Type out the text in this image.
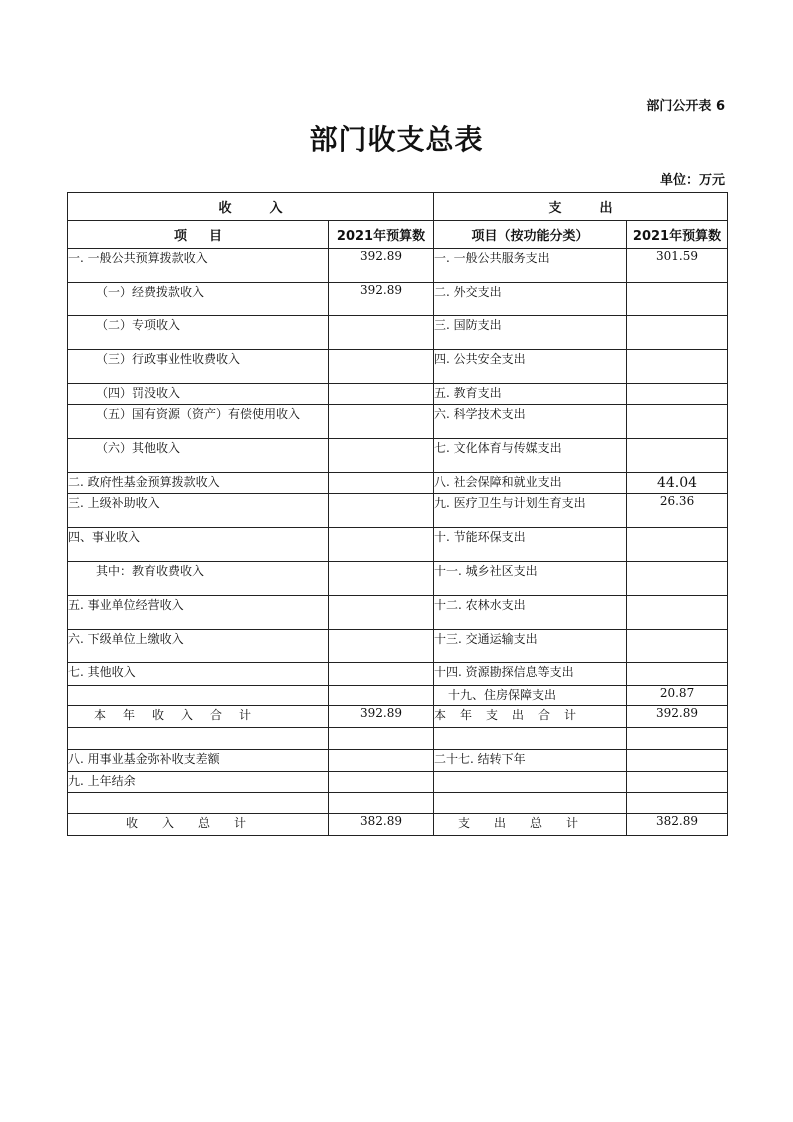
部门公开表 6
部门收支总表
单位：万元
收入		支出	
项目	2021年预算数	项目（按功能分类）	2021年预算数
一. 一般公共预算拨款收入	392.89	一. 一般公共服务支出	301.59
（一）经费拨款收入	392.89	二. 外交支出	
（二）专项收入		三. 国防支出	
（三）行政事业性收费收入		四. 公共安全支出	
（四）罚没收入		五. 教育支出	
（五）国有资源（资产）有偿使用收入		六. 科学技术支出	
（六）其他收入		七. 文化体育与传媒支出	
二. 政府性基金预算拨款收入		八. 社会保障和就业支出	44.04
三. 上级补助收入		九. 医疗卫生与计划生育支出	26.36
四、事业收入		十. 节能环保支出	
其中：教育收费收入		十一. 城乡社区支出	
五. 事业单位经营收入		十二. 农林水支出	
六. 下级单位上缴收入		十三. 交通运输支出	
七. 其他收入		十四. 资源勘探信息等支出	
		十九、住房保障支出	20.87
本年收入合计	392.89	本年支出合计	392.89

八. 用事业基金弥补收支差额		二十七. 结转下年	
九. 上年结余			

收入总计	382.89	支出总计	382.89
